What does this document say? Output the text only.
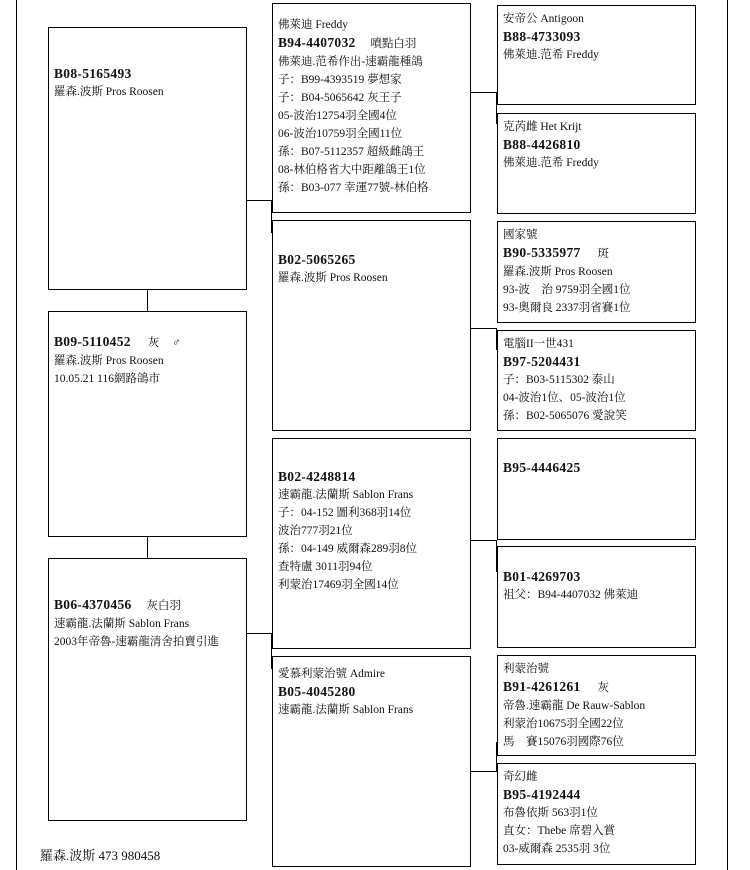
B08-5165493
羅森.波斯 Pros Roosen
B09-5110452 灰 ♂
羅森.波斯 Pros Roosen
10.05.21 116網路鴿市
B06-4370456 灰白羽
速霸龍.法蘭斯 Sablon Frans
2003年帝魯-速霸龍清舍拍賣引進
佛萊迪 Freddy
B94-4407032 噴點白羽
佛萊迪.范希作出-速霸龍種鴿
子：B99-4393519 夢想家
子：B04-5065642 灰王子
05-波治12754羽全國4位
06-波治10759羽全國11位
孫：B07-5112357 超級雌鴿王
08-林伯格省大中距離鴿王1位
孫：B03-077 幸運77號-林伯格
B02-5065265
羅森.波斯 Pros Roosen
B02-4248814
速霸龍.法蘭斯 Sablon Frans
子：04-152 圖利368羽14位
波治777羽21位
孫：04-149 威爾森289羽8位
查特盧 3011羽94位
利蒙治17469羽全國14位
愛慕利蒙治號 Admire
B05-4045280
速霸龍.法蘭斯 Sablon Frans
安帝公 Antigoon
B88-4733093
佛萊迪.范希 Freddy
克芮雌 Het Krijt
B88-4426810
佛萊迪.范希 Freddy
國家號
B90-5335977 斑
羅森.波斯 Pros Roosen
93-波　治 9759羽全國1位
93-奧爾良 2337羽省賽1位
電腦II一世431
B97-5204431
子：B03-5115302 泰山
04-波治1位、05-波治1位
孫：B02-5065076 愛說笑
B95-4446425
B01-4269703
祖父：B94-4407032 佛萊迪
利蒙治號
B91-4261261 灰
帝魯.速霸龍 De Rauw-Sablon
利蒙治10675羽全國22位
馬　賽15076羽國際76位
奇幻雌
B95-4192444
布魯依斯 563羽1位
直女：Thebe 席碧入賞
03-威爾森 2535羽 3位
羅森.波斯 473 980458
